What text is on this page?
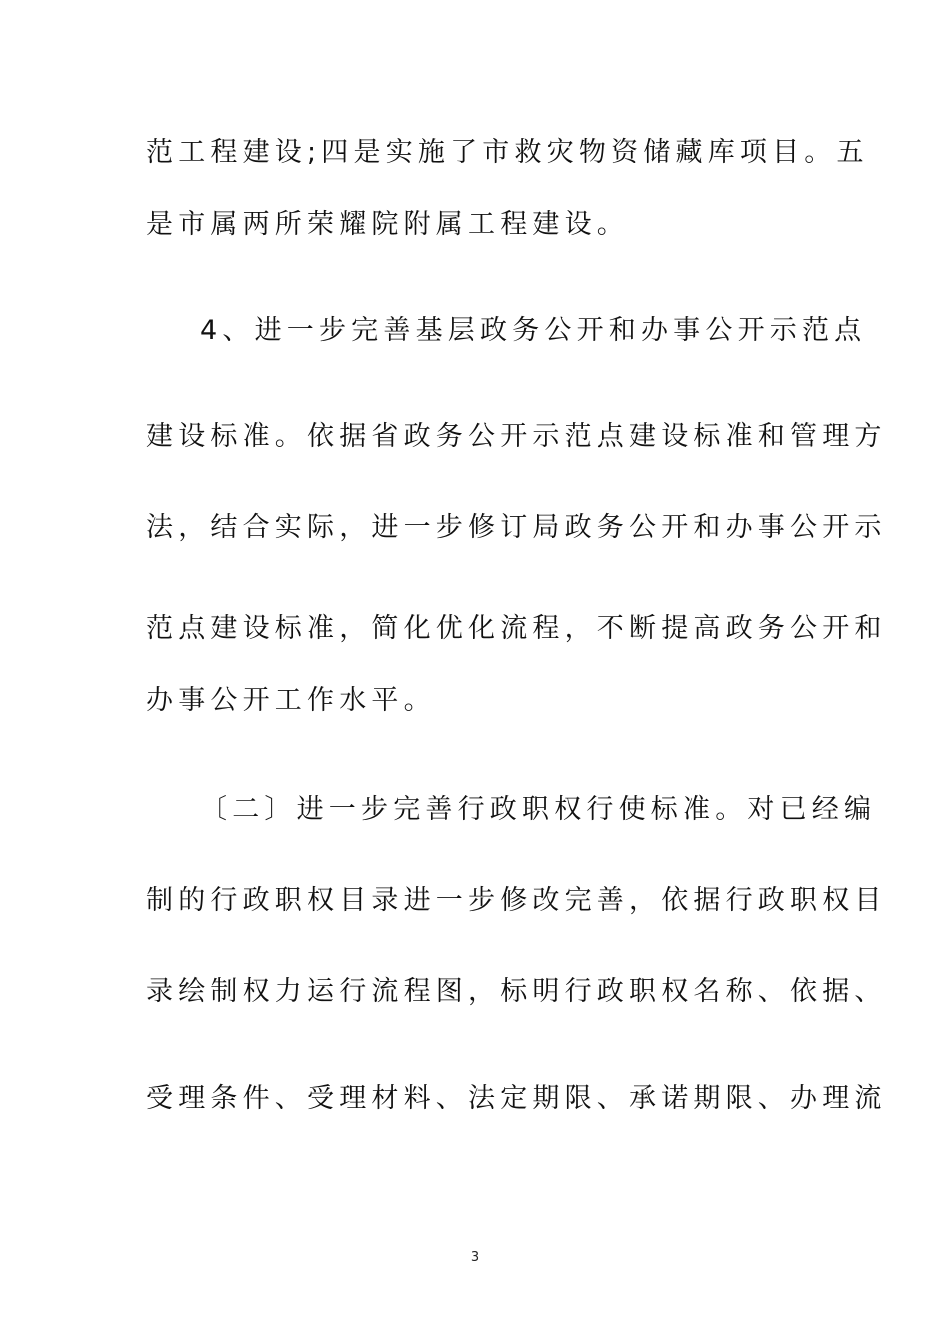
范工程建设;四是实施了市救灾物资储藏库项目。五
是市属两所荣耀院附属工程建设。
4、进一步完善基层政务公开和办事公开示范点
建设标准。依据省政务公开示范点建设标准和管理方
法，结合实际，进一步修订局政务公开和办事公开示
范点建设标准，简化优化流程，不断提高政务公开和
办事公开工作水平。
〔二〕进一步完善行政职权行使标准。对已经编
制的行政职权目录进一步修改完善，依据行政职权目
录绘制权力运行流程图，标明行政职权名称、依据、
受理条件、受理材料、法定期限、承诺期限、办理流
3
